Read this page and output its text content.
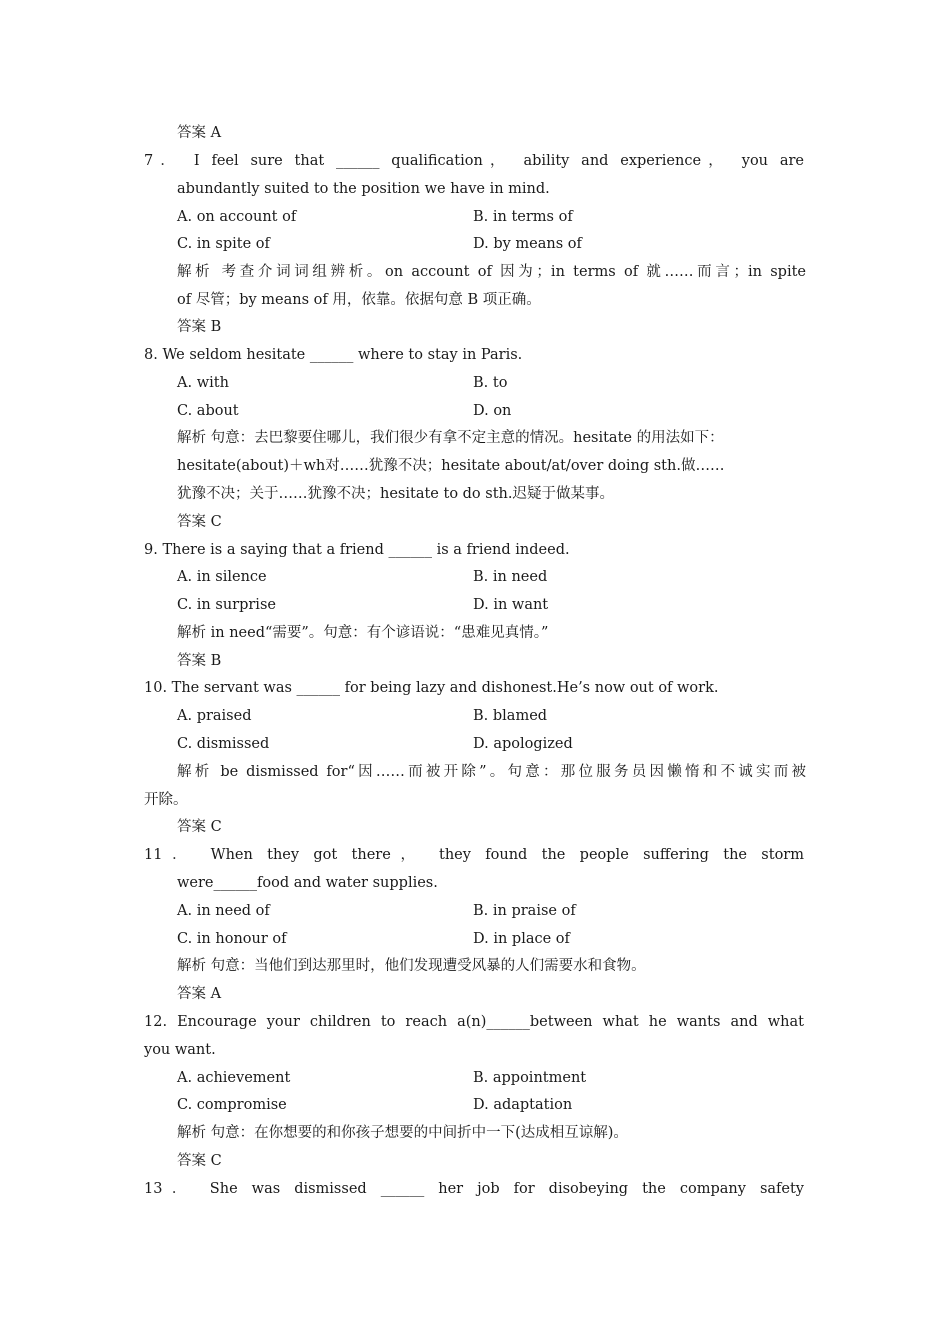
答案 A
7． I feel sure that ______ qualification， ability and experience， you are
abundantly suited to the position we have in mind.
A. on account of	B. in terms of
C. in spite of	D. by means of
解析 考查介词词组辨析。on account of 因为；in terms of 就……而言；in spite
of 尽管；by means of 用，依靠。依据句意 B 项正确。
答案 B
8. We seldom hesitate ______ where to stay in Paris.
A. with	B. to
C. about	D. on
解析 句意：去巴黎要住哪儿，我们很少有拿不定主意的情况。hesitate 的用法如下：
hesitate(about)＋wh对……犹豫不决；hesitate about/at/over doing sth.做……
犹豫不决；关于……犹豫不决；hesitate to do sth.迟疑于做某事。
答案 C
9. There is a saying that a friend ______ is a friend indeed.
A. in silence	B. in need
C. in surprise	D. in want
解析 in need“需要”。句意：有个谚语说：“患难见真情。”
答案 B
10. The servant was ______ for being lazy and dishonest.He’s now out of work.
A. praised	B. blamed
C. dismissed	D. apologized
解析 be dismissed for“因……而被开除”。句意：那位服务员因懒惰和不诚实而被
开除。
答案 C
11． When they got there， they found the people suffering the storm
were______food and water supplies.
A. in need of	B. in praise of
C. in honour of	D. in place of
解析 句意：当他们到达那里时，他们发现遭受风暴的人们需要水和食物。
答案 A
12. Encourage your children to reach a(n)______between what he wants and what
you want.
A. achievement	B. appointment
C. compromise	D. adaptation
解析 句意：在你想要的和你孩子想要的中间折中一下(达成相互谅解)。
答案 C
13． She was dismissed ______ her job for disobeying the company safety
